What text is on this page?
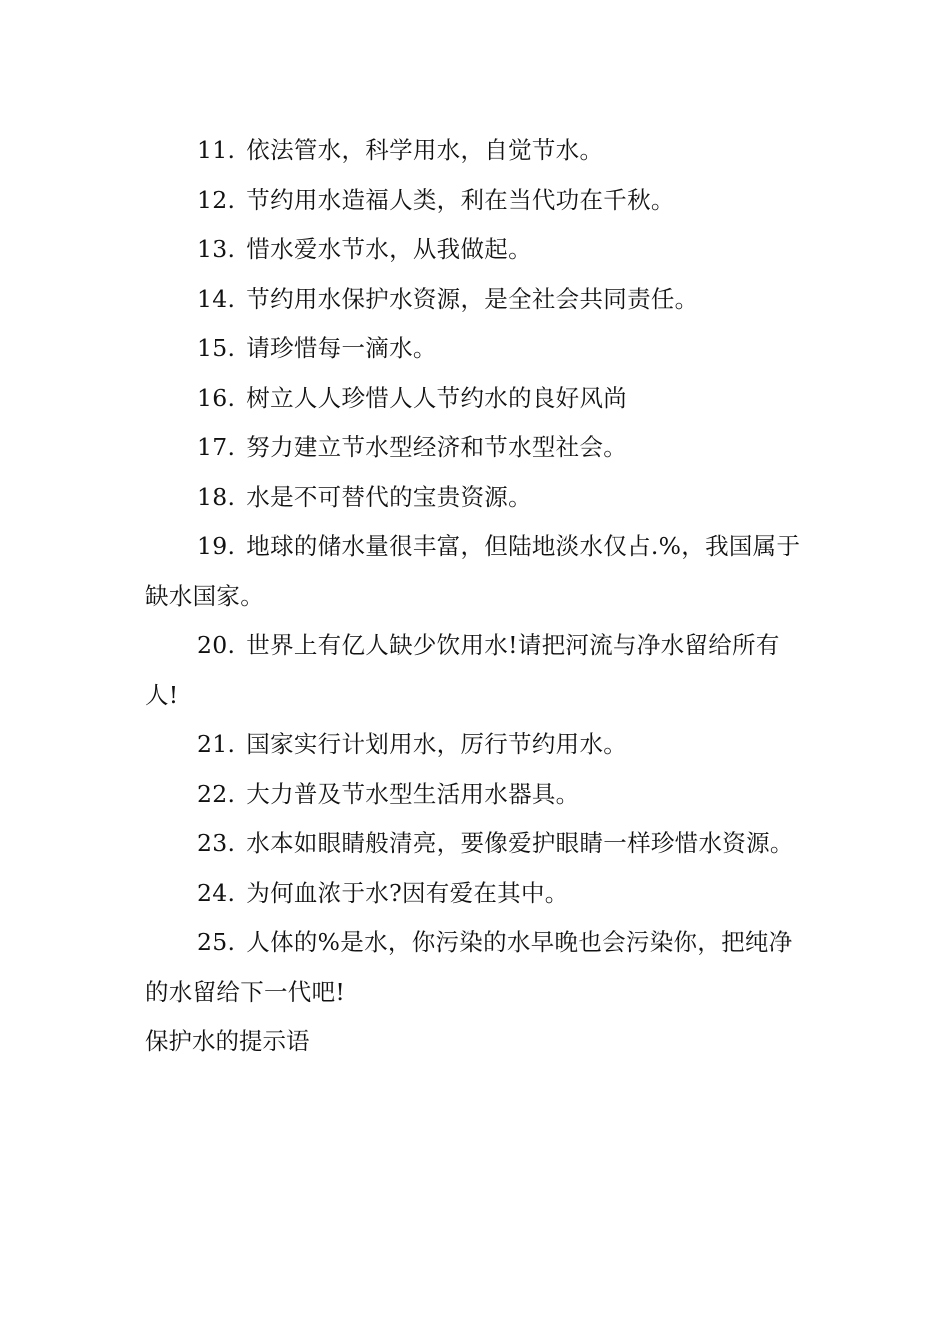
11. 依法管水，科学用水，自觉节水。

12. 节约用水造福人类，利在当代功在千秋。

13. 惜水爱水节水，从我做起。

14. 节约用水保护水资源，是全社会共同责任。

15. 请珍惜每一滴水。

16. 树立人人珍惜人人节约水的良好风尚

17. 努力建立节水型经济和节水型社会。

18. 水是不可替代的宝贵资源。

19. 地球的储水量很丰富，但陆地淡水仅占.%，我国属于缺水国家。

20. 世界上有亿人缺少饮用水!请把河流与净水留给所有人!

21. 国家实行计划用水，厉行节约用水。

22. 大力普及节水型生活用水器具。

23. 水本如眼睛般清亮，要像爱护眼睛一样珍惜水资源。

24. 为何血浓于水?因有爱在其中。

25. 人体的%是水，你污染的水早晚也会污染你，把纯净的水留给下一代吧!

保护水的提示语
